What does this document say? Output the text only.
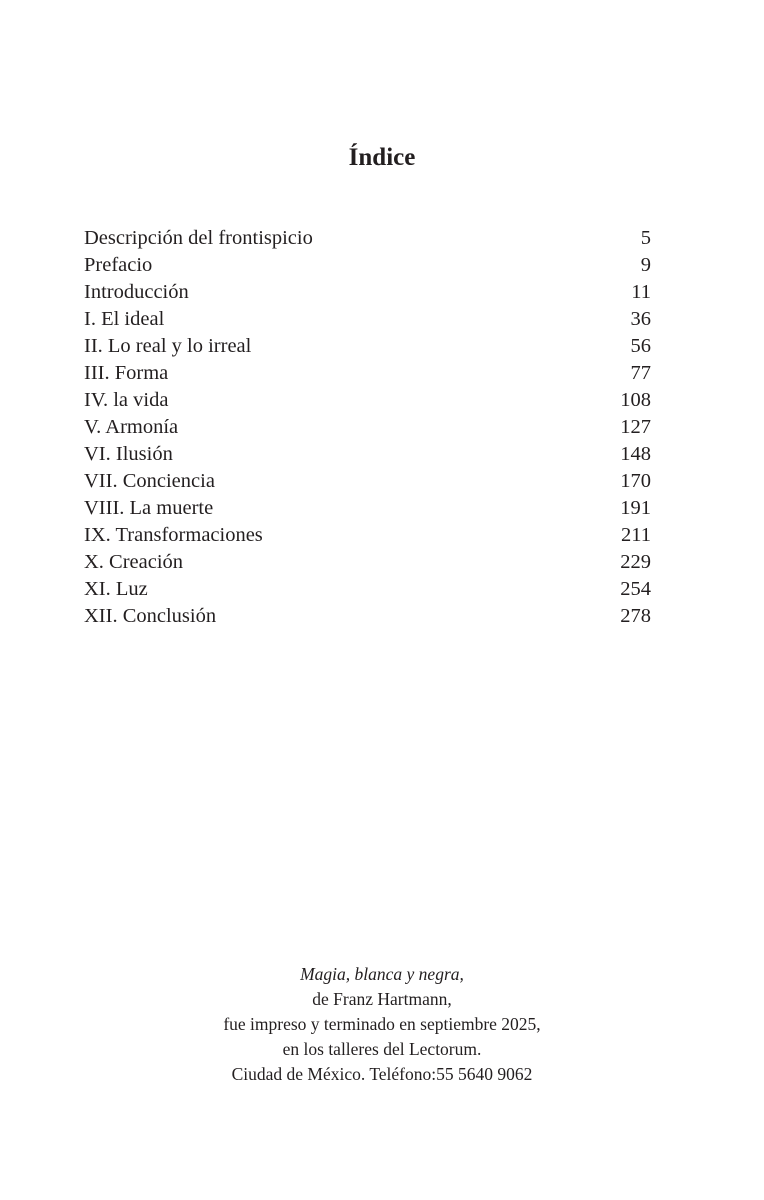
Índice
Descripción del frontispicio	5
Prefacio	9
Introducción	11
I. El ideal	36
II. Lo real y lo irreal	56
III. Forma	77
IV. la vida	108
V. Armonía	127
VI. Ilusión	148
VII. Conciencia	170
VIII. La muerte	191
IX. Transformaciones	211
X. Creación	229
XI. Luz	254
XII. Conclusión	278
Magia, blanca y negra,
de Franz Hartmann,
fue impreso y terminado en septiembre 2025,
en los talleres del Lectorum.
Ciudad de México. Teléfono:55 5640 9062
